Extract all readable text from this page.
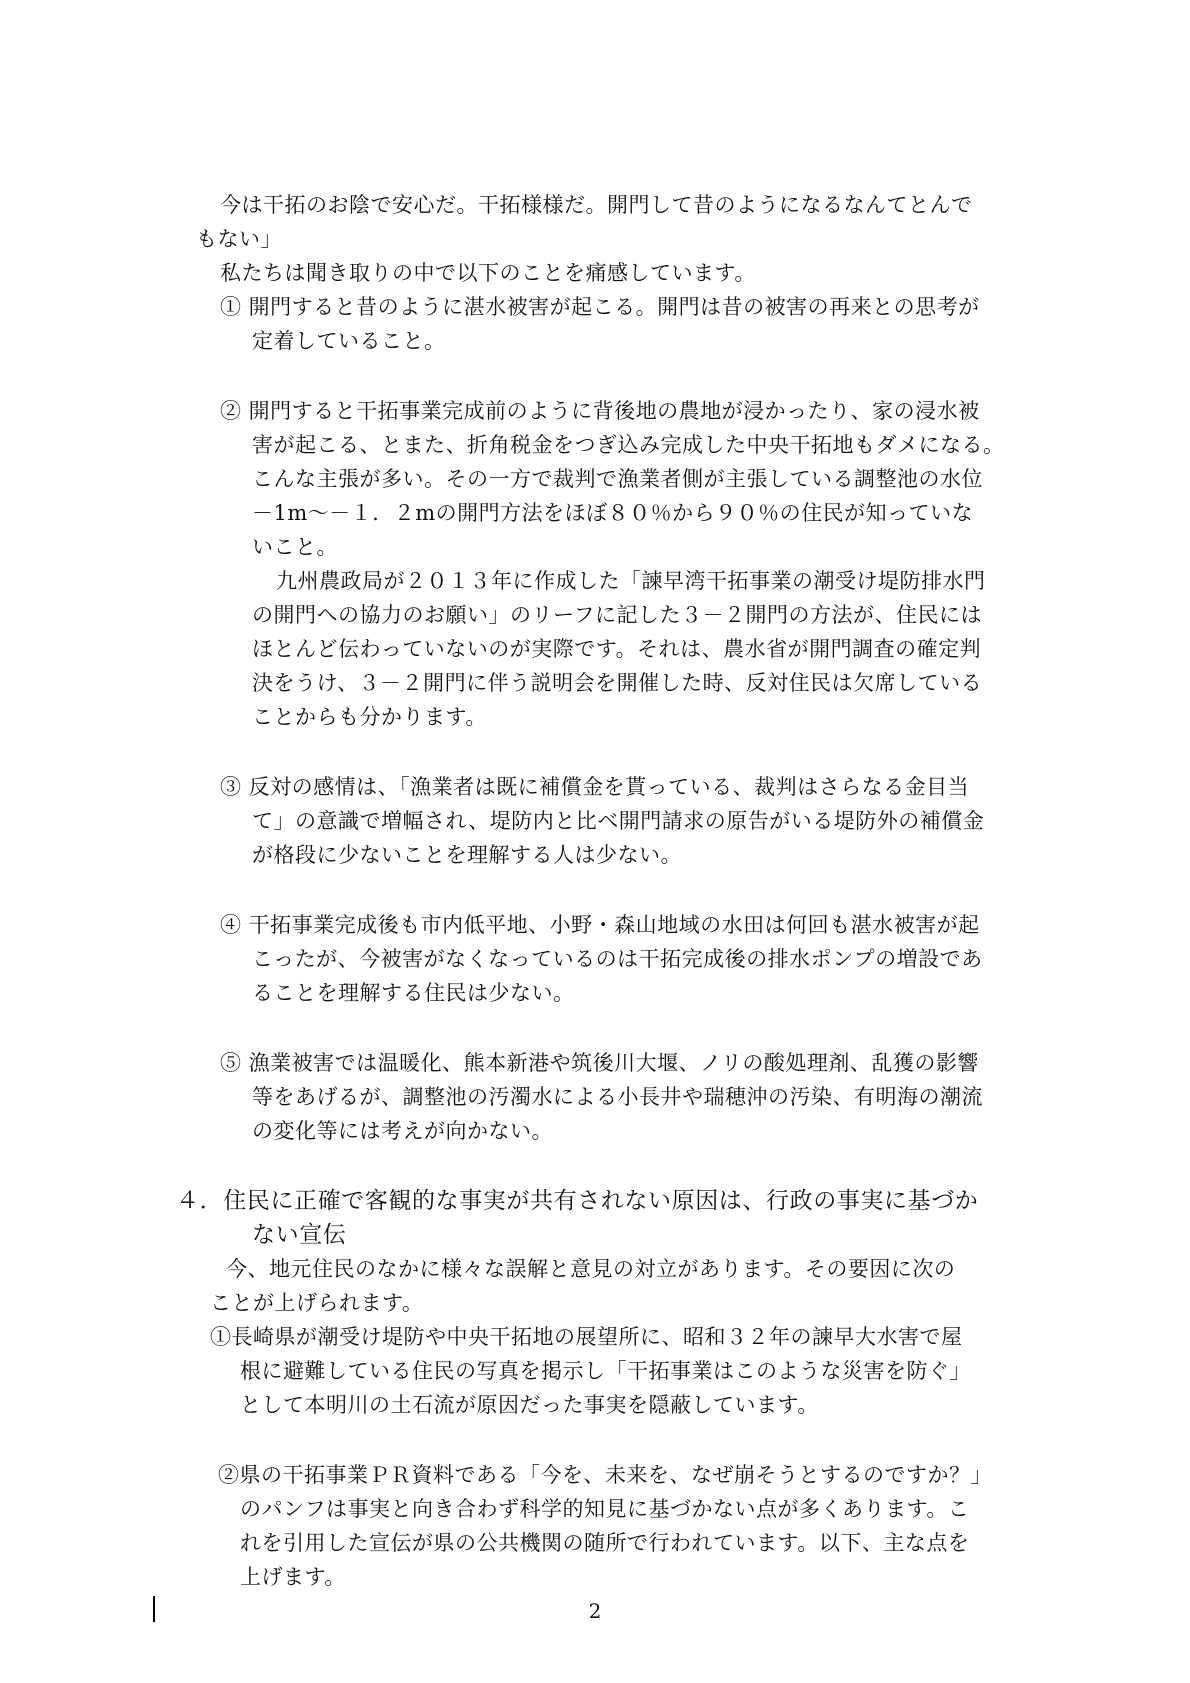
今は干拓のお陰で安心だ。干拓様様だ。開門して昔のようになるなんてとんで
もない」
私たちは聞き取りの中で以下のことを痛感しています。
① 開門すると昔のように湛水被害が起こる。開門は昔の被害の再来との思考が
定着していること。
② 開門すると干拓事業完成前のように背後地の農地が浸かったり、家の浸水被
害が起こる、とまた、折角税金をつぎ込み完成した中央干拓地もダメになる。
こんな主張が多い。その一方で裁判で漁業者側が主張している調整池の水位
－1m～－１．２mの開門方法をほぼ８０％から９０％の住民が知っていな
いこと。
九州農政局が２０１３年に作成した「諫早湾干拓事業の潮受け堤防排水門
の開門への協力のお願い」のリーフに記した３－２開門の方法が、住民には
ほとんど伝わっていないのが実際です。それは、農水省が開門調査の確定判
決をうけ、３－２開門に伴う説明会を開催した時、反対住民は欠席している
ことからも分かります。
③ 反対の感情は、「漁業者は既に補償金を貰っている、裁判はさらなる金目当
て」の意識で増幅され、堤防内と比べ開門請求の原告がいる堤防外の補償金
が格段に少ないことを理解する人は少ない。
④ 干拓事業完成後も市内低平地、小野・森山地域の水田は何回も湛水被害が起
こったが、今被害がなくなっているのは干拓完成後の排水ポンプの増設であ
ることを理解する住民は少ない。
⑤ 漁業被害では温暖化、熊本新港や筑後川大堰、ノリの酸処理剤、乱獲の影響
等をあげるが、調整池の汚濁水による小長井や瑞穂沖の汚染、有明海の潮流
の変化等には考えが向かない。
４．住民に正確で客観的な事実が共有されない原因は、行政の事実に基づか
ない宣伝
今、地元住民のなかに様々な誤解と意見の対立があります。その要因に次の
ことが上げられます。
①長崎県が潮受け堤防や中央干拓地の展望所に、昭和３２年の諫早大水害で屋
根に避難している住民の写真を掲示し「干拓事業はこのような災害を防ぐ」
として本明川の土石流が原因だった事実を隠蔽しています。
②県の干拓事業ＰＲ資料である「今を、未来を、なぜ崩そうとするのですか？」
のパンフは事実と向き合わず科学的知見に基づかない点が多くあります。こ
れを引用した宣伝が県の公共機関の随所で行われています。以下、主な点を
上げます。
2
